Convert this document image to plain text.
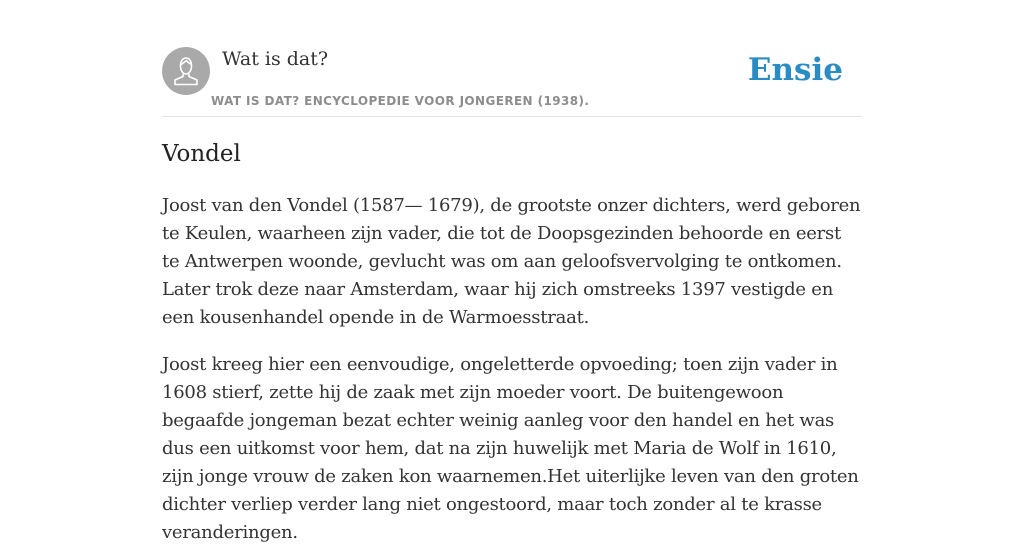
Wat is dat?
WAT IS DAT? ENCYCLOPEDIE VOOR JONGEREN (1938).
Ensie
Vondel

Joost van den Vondel (1587— 1679), de grootste onzer dichters, werd geboren te Keulen, waarheen zijn vader, die tot de Doopsgezinden behoorde en eerst te Antwerpen woonde, gevlucht was om aan geloofsvervolging te ontkomen. Later trok deze naar Amsterdam, waar hij zich omstreeks 1397 vestigde en een kousenhandel opende in de Warmoesstraat.

Joost kreeg hier een eenvoudige, ongeletterde opvoeding; toen zijn vader in 1608 stierf, zette hij de zaak met zijn moeder voort. De buitengewoon begaafde jongeman bezat echter weinig aanleg voor den handel en het was dus een uitkomst voor hem, dat na zijn huwelijk met Maria de Wolf in 1610, zijn jonge vrouw de zaken kon waarnemen.Het uiterlijke leven van den groten dichter verliep verder lang niet ongestoord, maar toch zonder al te krasse veranderingen.
